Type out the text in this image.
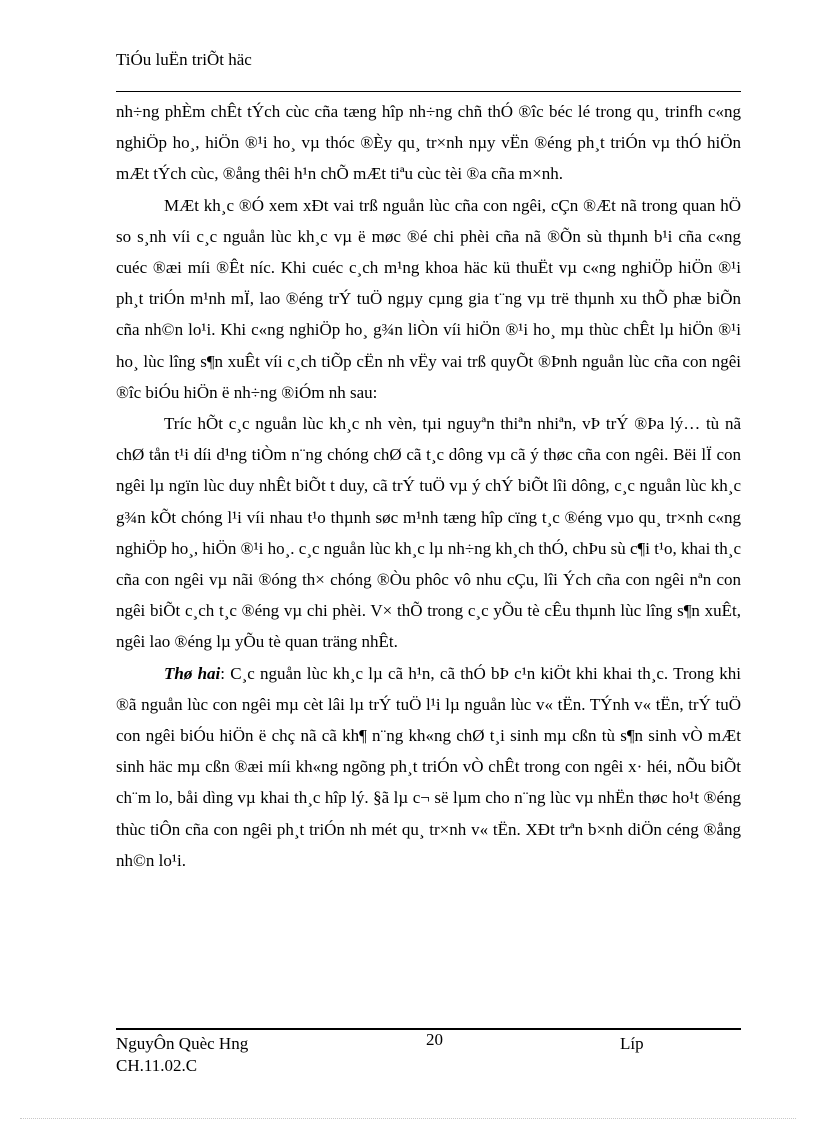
TiÓu luËn triÕt häc

nh÷ng phÈm chÊt tÝch cùc cña tæng hîp nh÷ng chñ thÓ ®îc béc lé trong qu¸ trinfh c«ng nghiÖp ho¸, hiÖn ®¹i ho¸ vµ thóc ®Èy qu¸ tr×nh nµy vËn ®éng ph¸t triÓn vµ thÓ hiÖn mÆt tÝch cùc, ®ång thêi h¹n chÕ mÆt tiªu cùc tèi ®a cña m×nh.

MÆt kh¸c ®Ó xem xÐt vai trß nguån lùc cña con ngêi, cÇn ®Æt nã trong quan hÖ so s¸nh víi c¸c nguån lùc kh¸c vµ ë møc ®é chi phèi cña nã ®Õn sù thµnh b¹i cña c«ng cuéc ®æi míi ®Êt níc. Khi cuéc c¸ch m¹ng khoa häc kü thuËt vµ c«ng nghiÖp hiÖn ®¹i ph¸t triÓn m¹nh mÏ, lao ®éng trÝ tuÖ ngµy cµng gia t¨ng vµ trë thµnh xu thÕ phæ biÕn cña nh©n lo¹i. Khi c«ng nghiÖp ho¸ g¾n liÒn víi hiÖn ®¹i ho¸ mµ thùc chÊt lµ hiÖn ®¹i ho¸ lùc lîng s¶n xuÊt víi c¸ch tiÕp cËn nh vËy vai trß quyÕt ®Þnh nguån lùc cña con ngêi ®îc biÓu hiÖn ë nh÷ng ®iÓm nh sau:

Tríc hÕt c¸c nguån lùc kh¸c nh vèn, tµi nguyªn thiªn nhiªn, vÞ trÝ ®Þa lý… tù nã chØ tån t¹i díi d¹ng tiÒm n¨ng chóng chØ cã t¸c dông vµ cã ý thøc cña con ngêi. Bëi lÏ con ngêi lµ ngïn lùc duy nhÊt biÕt t duy, cã trÝ tuÖ vµ ý chÝ biÕt lîi dông, c¸c nguån lùc kh¸c g¾n kÕt chóng l¹i víi nhau t¹o thµnh søc m¹nh tæng hîp cïng t¸c ®éng vµo qu¸ tr×nh c«ng nghiÖp ho¸, hiÖn ®¹i ho¸. c¸c nguån lùc kh¸c lµ nh÷ng kh¸ch thÓ, chÞu sù c¶i t¹o, khai th¸c cña con ngêi vµ nãi ®óng th× chóng ®Òu phôc vô nhu cÇu, lîi Ých cña con ngêi nªn con ngêi biÕt c¸ch t¸c ®éng vµ chi phèi. V× thÕ trong c¸c yÕu tè cÊu thµnh lùc lîng s¶n xuÊt, ngêi lao ®éng lµ yÕu tè quan träng nhÊt.

Thø hai: C¸c nguån lùc kh¸c lµ cã h¹n, cã thÓ bÞ c¹n kiÖt khi khai th¸c. Trong khi ®ã nguån lùc con ngêi mµ cèt lâi lµ trÝ tuÖ l¹i lµ nguån lùc v« tËn. TÝnh v« tËn, trÝ tuÖ con ngêi biÓu hiÖn ë chç nã cã kh¶ n¨ng kh«ng chØ t¸i sinh mµ cßn tù s¶n sinh vÒ mÆt sinh häc mµ cßn ®æi míi kh«ng ngõng ph¸t triÓn vÒ chÊt trong con ngêi x· héi, nÕu biÕt ch¨m lo, båi dìng vµ khai th¸c hîp lý. §ã lµ c¬ së lµm cho n¨ng lùc vµ nhËn thøc ho¹t ®éng thùc tiÔn cña con ngêi ph¸t triÓn nh mét qu¸ tr×nh v« tËn. XÐt trªn b×nh diÖn céng ®ång nh©n lo¹i.

NguyÔn Quèc Hng
CH.11.02.C
20	Líp
